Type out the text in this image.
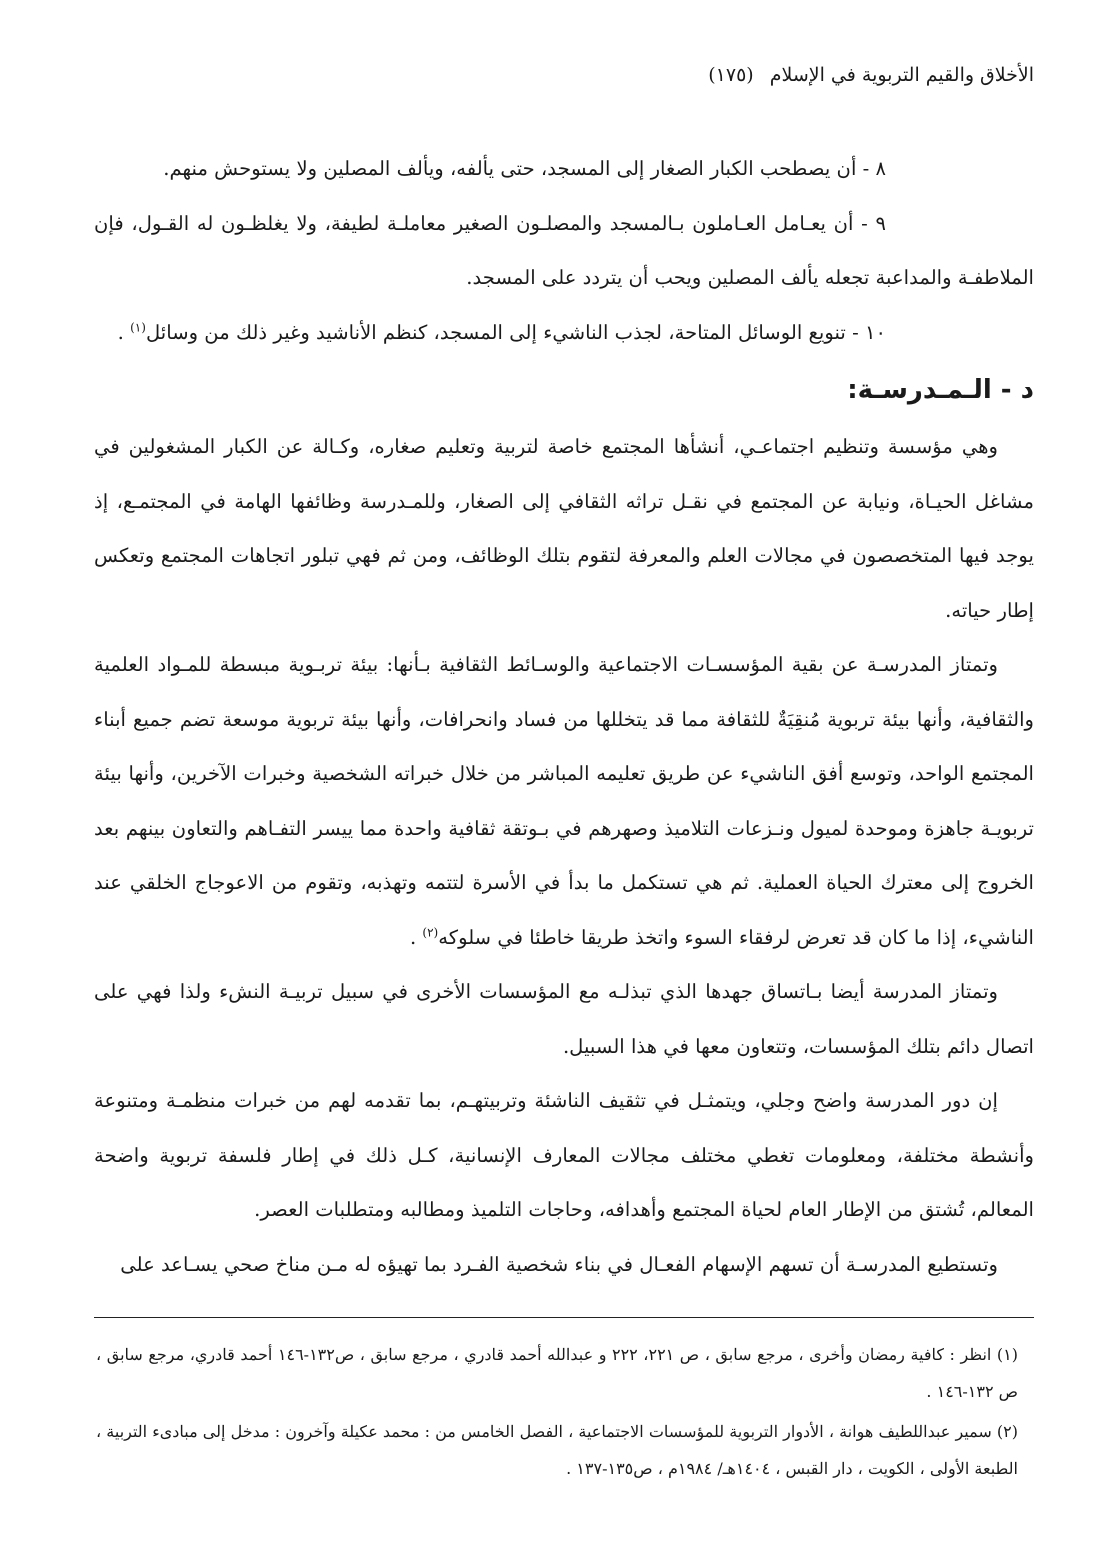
الأخلاق والقيم التربوية في الإسلام (١٧٥)

٨ - أن يصطحب الكبار الصغار إلى المسجد، حتى يألفه، ويألف المصلين ولا يستوحش منهم.

٩ - أن يعـامل العـاملون بـالمسجد والمصلـون الصغير معاملـة لطيفة، ولا يغلظـون له القـول، فإن الملاطفـة والمداعبة تجعله يألف المصلين ويحب أن يتردد على المسجد.

١٠ - تنويع الوسائل المتاحة، لجذب الناشيء إلى المسجد، كنظم الأناشيد وغير ذلك من وسائل$^{(١)}$ .

د - الـمـدرسـة:

وهي مؤسسة وتنظيم اجتماعـي، أنشأها المجتمع خاصة لتربية وتعليم صغاره، وكـالة عن الكبار المشغولين في مشاغل الحيـاة، ونيابة عن المجتمع في نقـل تراثه الثقافي إلى الصغار، وللمـدرسة وظائفها الهامة في المجتمـع، إذ يوجد فيها المتخصصون في مجالات العلم والمعرفة لتقوم بتلك الوظائف، ومن ثم فهي تبلور اتجاهات المجتمع وتعكس إطار حياته.

وتمتاز المدرسـة عن بقية المؤسسـات الاجتماعية والوسـائط الثقافية بـأنها: بيئة تربـوية مبسطة للمـواد العلمية والثقافية، وأنها بيئة تربوية مُنقِيَةٌ للثقافة مما قد يتخللها من فساد وانحرافات، وأنها بيئة تربوية موسعة تضم جميع أبناء المجتمع الواحد، وتوسع أفق الناشيء عن طريق تعليمه المباشر من خلال خبراته الشخصية وخبرات الآخرين، وأنها بيئة تربويـة جاهزة وموحدة لميول ونـزعات التلاميذ وصهرهم في بـوتقة ثقافية واحدة مما ييسر التفـاهم والتعاون بينهم بعد الخروج إلى معترك الحياة العملية. ثم هي تستكمل ما بدأ في الأسرة لتتمه وتهذبه، وتقوم من الاعوجاج الخلقي عند الناشيء، إذا ما كان قد تعرض لرفقاء السوء واتخذ طريقا خاطئا في سلوكه$^{(٢)}$ .

وتمتاز المدرسة أيضا بـاتساق جهدها الذي تبذلـه مع المؤسسات الأخرى في سبيل تربيـة النشء ولذا فهي على اتصال دائم بتلك المؤسسات، وتتعاون معها في هذا السبيل.

إن دور المدرسة واضح وجلي، ويتمثـل في تثقيف الناشئة وتربيتهـم، بما تقدمه لهم من خبرات منظمـة ومتنوعة وأنشطة مختلفة، ومعلومات تغطي مختلف مجالات المعارف الإنسانية، كـل ذلك في إطار فلسفة تربوية واضحة المعالم، تُشتق من الإطار العام لحياة المجتمع وأهدافه، وحاجات التلميذ ومطالبه ومتطلبات العصر.

وتستطيع المدرسـة أن تسهم الإسهام الفعـال في بناء شخصية الفـرد بما تهيؤه له مـن مناخ صحي يسـاعد على

(١) انظر : كافية رمضان وأخرى ، مرجع سابق ، ص ٢٢١، ٢٢٢ و عبدالله أحمد قادري ، مرجع سابق ، ص١٣٢-١٤٦ أحمد قادري، مرجع سابق ، ص ١٣٢-١٤٦ .

(٢) سمير عبداللطيف هوانة ، الأدوار التربوية للمؤسسات الاجتماعية ، الفصل الخامس من : محمد عكيلة وآخرون : مدخل إلى مبادىء التربية ، الطبعة الأولى ، الكويت ، دار القبس ، ١٤٠٤هـ/ ١٩٨٤م ، ص١٣٥-١٣٧ .
